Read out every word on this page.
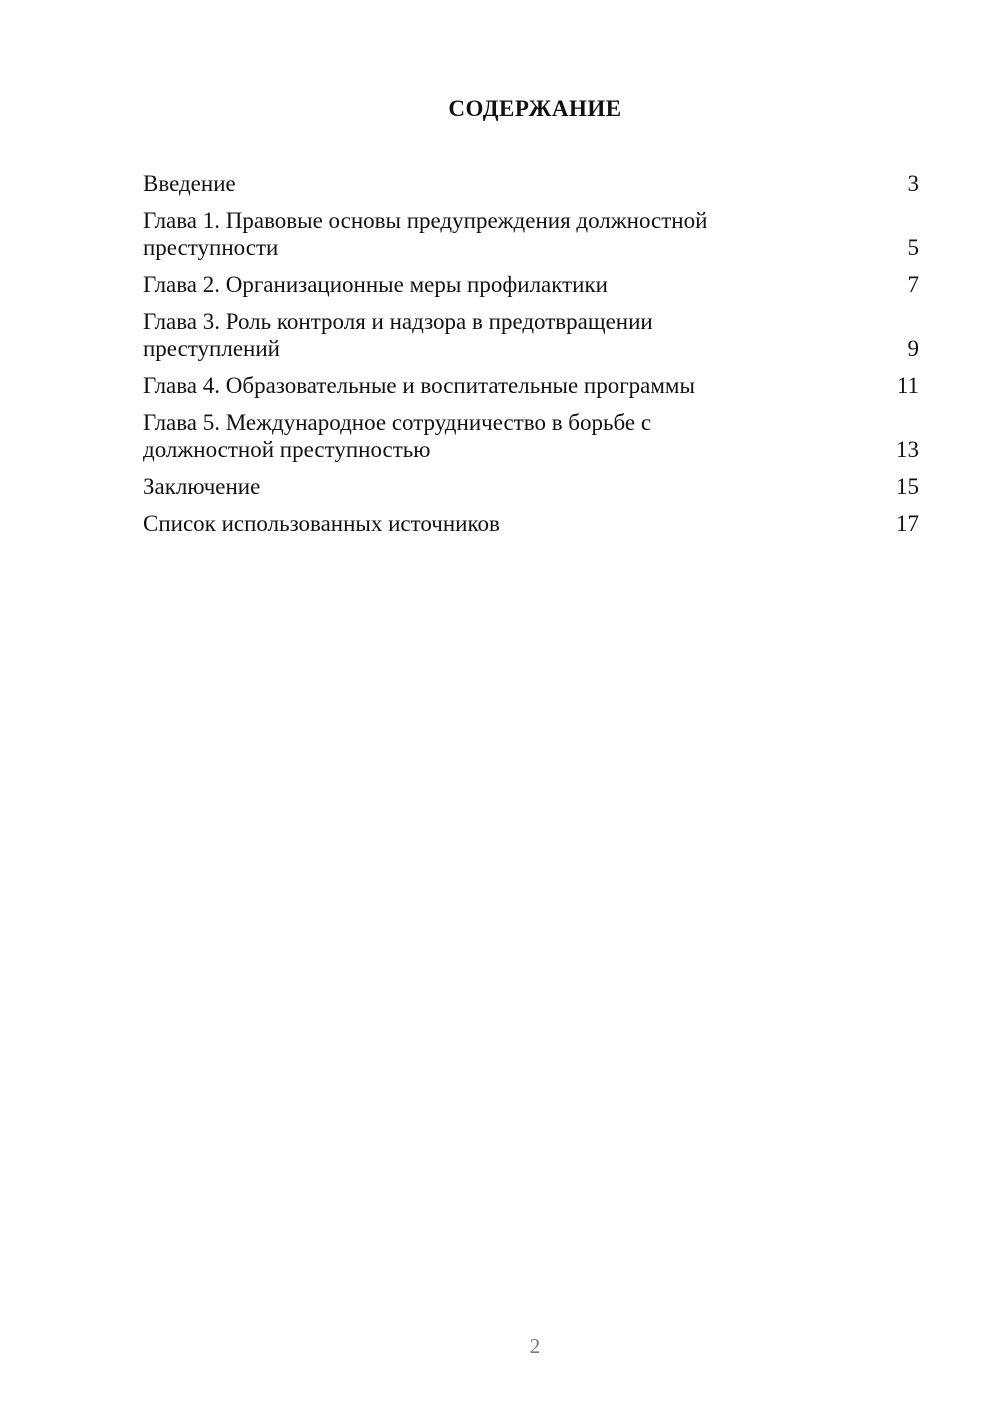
СОДЕРЖАНИЕ
Введение	3
Глава 1. Правовые основы предупреждения должностной преступности	5
Глава 2. Организационные меры профилактики	7
Глава 3. Роль контроля и надзора в предотвращении преступлений	9
Глава 4. Образовательные и воспитательные программы	11
Глава 5. Международное сотрудничество в борьбе с должностной преступностью	13
Заключение	15
Список использованных источников	17
2
